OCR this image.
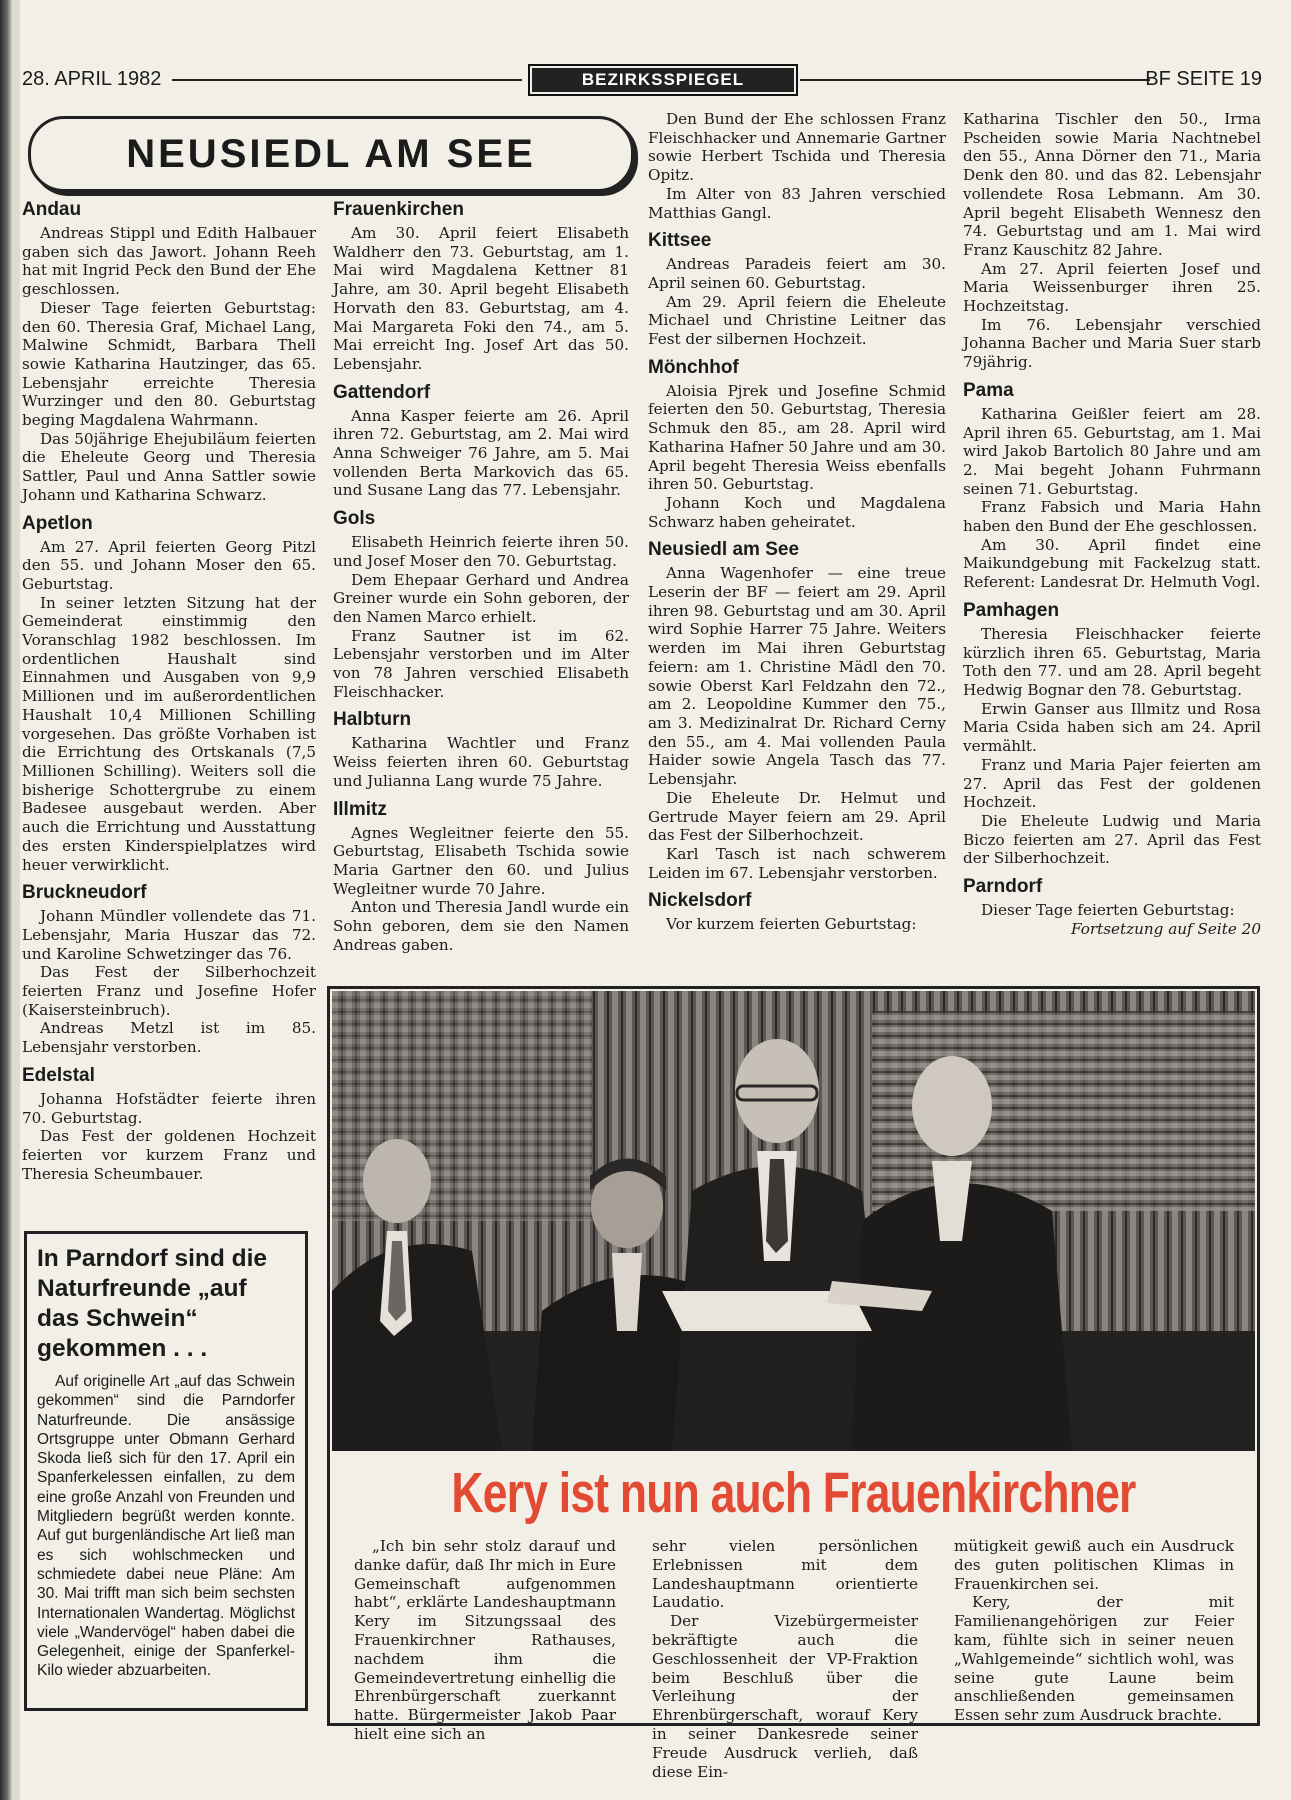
28. APRIL 1982	BEZIRKSSPIEGEL	BF SEITE 19
NEUSIEDL AM SEE
Andau

Andreas Stippl und Edith Halbauer gaben sich das Jawort. Johann Reeh hat mit Ingrid Peck den Bund der Ehe geschlossen.

Dieser Tage feierten Geburtstag: den 60. Theresia Graf, Michael Lang, Malwine Schmidt, Barbara Thell sowie Katharina Hautzinger, das 65. Lebensjahr erreichte Theresia Wurzinger und den 80. Geburtstag beging Magdalena Wahrmann.

Das 50jährige Ehejubiläum feierten die Eheleute Georg und Theresia Sattler, Paul und Anna Sattler sowie Johann und Katharina Schwarz.

Apetlon

Am 27. April feierten Georg Pitzl den 55. und Johann Moser den 65. Geburtstag.

In seiner letzten Sitzung hat der Gemeinderat einstimmig den Voranschlag 1982 beschlossen. Im ordentlichen Haushalt sind Einnahmen und Ausgaben von 9,9 Millionen und im außerordentlichen Haushalt 10,4 Millionen Schilling vorgesehen. Das größte Vorhaben ist die Errichtung des Ortskanals (7,5 Millionen Schilling). Weiters soll die bisherige Schottergrube zu einem Badesee ausgebaut werden. Aber auch die Errichtung und Ausstattung des ersten Kinderspielplatzes wird heuer verwirklicht.

Bruckneudorf

Johann Mündler vollendete das 71. Lebensjahr, Maria Huszar das 72. und Karoline Schwetzinger das 76.

Das Fest der Silberhochzeit feierten Franz und Josefine Hofer (Kaisersteinbruch).

Andreas Metzl ist im 85. Lebensjahr verstorben.

Edelstal

Johanna Hofstädter feierte ihren 70. Geburtstag.

Das Fest der goldenen Hochzeit feierten vor kurzem Franz und Theresia Scheumbauer.

Frauenkirchen

Am 30. April feiert Elisabeth Waldherr den 73. Geburtstag, am 1. Mai wird Magdalena Kettner 81 Jahre, am 30. April begeht Elisabeth Horvath den 83. Geburtstag, am 4. Mai Margareta Foki den 74., am 5. Mai erreicht Ing. Josef Art das 50. Lebensjahr.

Gattendorf

Anna Kasper feierte am 26. April ihren 72. Geburtstag, am 2. Mai wird Anna Schweiger 76 Jahre, am 5. Mai vollenden Berta Markovich das 65. und Susane Lang das 77. Lebensjahr.

Gols

Elisabeth Heinrich feierte ihren 50. und Josef Moser den 70. Geburtstag.

Dem Ehepaar Gerhard und Andrea Greiner wurde ein Sohn geboren, der den Namen Marco erhielt.

Franz Sautner ist im 62. Lebensjahr verstorben und im Alter von 78 Jahren verschied Elisabeth Fleischhacker.

Halbturn

Katharina Wachtler und Franz Weiss feierten ihren 60. Geburtstag und Julianna Lang wurde 75 Jahre.

Illmitz

Agnes Wegleitner feierte den 55. Geburtstag, Elisabeth Tschida sowie Maria Gartner den 60. und Julius Wegleitner wurde 70 Jahre.

Anton und Theresia Jandl wurde ein Sohn geboren, dem sie den Namen Andreas gaben.

Den Bund der Ehe schlossen Franz Fleischhacker und Annemarie Gartner sowie Herbert Tschida und Theresia Opitz.

Im Alter von 83 Jahren verschied Matthias Gangl.

Kittsee

Andreas Paradeis feiert am 30. April seinen 60. Geburtstag.

Am 29. April feiern die Eheleute Michael und Christine Leitner das Fest der silbernen Hochzeit.

Mönchhof

Aloisia Pjrek und Josefine Schmid feierten den 50. Geburtstag, Theresia Schmuk den 85., am 28. April wird Katharina Hafner 50 Jahre und am 30. April begeht Theresia Weiss ebenfalls ihren 50. Geburtstag.

Johann Koch und Magdalena Schwarz haben geheiratet.

Neusiedl am See

Anna Wagenhofer — eine treue Leserin der BF — feiert am 29. April ihren 98. Geburtstag und am 30. April wird Sophie Harrer 75 Jahre. Weiters werden im Mai ihren Geburtstag feiern: am 1. Christine Mädl den 70. sowie Oberst Karl Feldzahn den 72., am 2. Leopoldine Kummer den 75., am 3. Medizinalrat Dr. Richard Cerny den 55., am 4. Mai vollenden Paula Haider sowie Angela Tasch das 77. Lebensjahr.

Die Eheleute Dr. Helmut und Gertrude Mayer feiern am 29. April das Fest der Silberhochzeit.

Karl Tasch ist nach schwerem Leiden im 67. Lebensjahr verstorben.

Nickelsdorf

Vor kurzem feierten Geburtstag:

Katharina Tischler den 50., Irma Pscheiden sowie Maria Nachtnebel den 55., Anna Dörner den 71., Maria Denk den 80. und das 82. Lebensjahr vollendete Rosa Lebmann. Am 30. April begeht Elisabeth Wennesz den 74. Geburtstag und am 1. Mai wird Franz Kauschitz 82 Jahre.

Am 27. April feierten Josef und Maria Weissenburger ihren 25. Hochzeitstag.

Im 76. Lebensjahr verschied Johanna Bacher und Maria Suer starb 79jährig.

Pama

Katharina Geißler feiert am 28. April ihren 65. Geburtstag, am 1. Mai wird Jakob Bartolich 80 Jahre und am 2. Mai begeht Johann Fuhrmann seinen 71. Geburtstag.

Franz Fabsich und Maria Hahn haben den Bund der Ehe geschlossen.

Am 30. April findet eine Maikundgebung mit Fackelzug statt. Referent: Landesrat Dr. Helmuth Vogl.

Pamhagen

Theresia Fleischhacker feierte kürzlich ihren 65. Geburtstag, Maria Toth den 77. und am 28. April begeht Hedwig Bognar den 78. Geburtstag.

Erwin Ganser aus Illmitz und Rosa Maria Csida haben sich am 24. April vermählt.

Franz und Maria Pajer feierten am 27. April das Fest der goldenen Hochzeit.

Die Eheleute Ludwig und Maria Biczo feierten am 27. April das Fest der Silberhochzeit.

Parndorf

Dieser Tage feierten Geburtstag:

Fortsetzung auf Seite 20

In Parndorf sind die Naturfreunde „auf das Schwein“ gekommen . . .

Auf originelle Art „auf das Schwein gekommen“ sind die Parndorfer Naturfreunde. Die ansässige Ortsgruppe unter Obmann Gerhard Skoda ließ sich für den 17. April ein Spanferkelessen einfallen, zu dem eine große Anzahl von Freunden und Mitgliedern begrüßt werden konnte. Auf gut burgenländische Art ließ man es sich wohlschmecken und schmiedete dabei neue Pläne: Am 30. Mai trifft man sich beim sechsten Internationalen Wandertag. Möglichst viele „Wandervögel“ haben dabei die Gelegenheit, einige der Spanferkel-Kilo wieder abzuarbeiten.

Kery ist nun auch Frauenkirchner

„Ich bin sehr stolz darauf und danke dafür, daß Ihr mich in Eure Gemeinschaft aufgenommen habt“, erklärte Landeshauptmann Kery im Sitzungssaal des Frauenkirchner Rathauses, nachdem ihm die Gemeindevertretung einhellig die Ehrenbürgerschaft zuerkannt hatte. Bürgermeister Jakob Paar hielt eine sich an

sehr vielen persönlichen Erlebnissen mit dem Landeshauptmann orientierte Laudatio.

Der Vizebürgermeister bekräftigte auch die Geschlossenheit der VP-Fraktion beim Beschluß über die Verleihung der Ehrenbürgerschaft, worauf Kery in seiner Dankesrede seiner Freude Ausdruck verlieh, daß diese Ein-

mütigkeit gewiß auch ein Ausdruck des guten politischen Klimas in Frauenkirchen sei.

Kery, der mit Familienangehörigen zur Feier kam, fühlte sich in seiner neuen „Wahlgemeinde“ sichtlich wohl, was seine gute Laune beim anschließenden gemeinsamen Essen sehr zum Ausdruck brachte.
